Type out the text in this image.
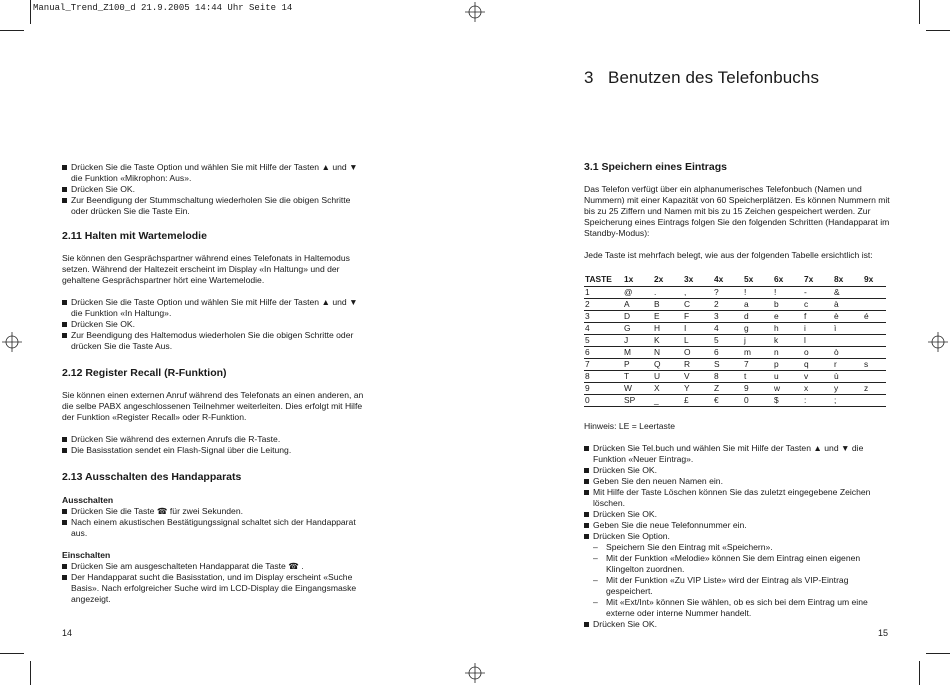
Manual_Trend_Z100_d 21.9.2005 14:44 Uhr Seite 14
3 Benutzen des Telefonbuchs
Drücken Sie die Taste Option und wählen Sie mit Hilfe der Tasten ▲ und ▼ die Funktion «Mikrophon: Aus».
Drücken Sie OK.
Zur Beendigung der Stummschaltung wiederholen Sie die obigen Schritte oder drücken Sie die Taste Ein.
2.11 Halten mit Wartemelodie

Sie können den Gesprächspartner während eines Telefonats in Haltemodus setzen. Während der Haltezeit erscheint im Display «In Haltung» und der gehaltene Gesprächspartner hört eine Wartemelodie.

Drücken Sie die Taste Option und wählen Sie mit Hilfe der Tasten ▲ und ▼ die Funktion «In Haltung».
Drücken Sie OK.
Zur Beendigung des Haltemodus wiederholen Sie die obigen Schritte oder drücken Sie die Taste Aus.
2.12 Register Recall (R-Funktion)

Sie können einen externen Anruf während des Telefonats an einen anderen, an die selbe PABX angeschlossenen Teilnehmer weiterleiten. Dies erfolgt mit Hilfe der Funktion «Register Recall» oder R-Funktion.

Drücken Sie während des externen Anrufs die R-Taste.
Die Basisstation sendet ein Flash-Signal über die Leitung.
2.13 Ausschalten des Handapparats

Ausschalten

Drücken Sie die Taste ☎ für zwei Sekunden.
Nach einem akustischen Bestätigungssignal schaltet sich der Handapparat aus.

Einschalten

Drücken Sie am ausgeschalteten Handapparat die Taste ☎ .
Der Handapparat sucht die Basisstation, und im Display erscheint «Suche Basis». Nach erfolgreicher Suche wird im LCD-Display die Eingangsmaske angezeigt.
14
3.1 Speichern eines Eintrags

Das Telefon verfügt über ein alphanumerisches Telefonbuch (Namen und Nummern) mit einer Kapazität von 60 Speicherplätzen. Es können Nummern mit bis zu 25 Ziffern und Namen mit bis zu 15 Zeichen gespeichert werden. Zur Speicherung eines Eintrags folgen Sie den folgenden Schritten (Handapparat im Standby-Modus):

Jede Taste ist mehrfach belegt, wie aus der folgenden Tabelle ersichtlich ist:

TASTE	1x	2x	3x	4x	5x	6x	7x	8x	9x
1	@	.	,	?	!	!	-	&	
2	A	B	C	2	a	b	c	à	
3	D	E	F	3	d	e	f	è	é
4	G	H	I	4	g	h	i	ì	
5	J	K	L	5	j	k	l		
6	M	N	O	6	m	n	o	ò	
7	P	Q	R	S	7	p	q	r	s
8	T	U	V	8	t	u	v	ù	
9	W	X	Y	Z	9	w	x	y	z
0	SP	_	£	€	0	$	:	;	

Hinweis: LE = Leertaste

Drücken Sie Tel.buch und wählen Sie mit Hilfe der Tasten ▲ und ▼ die Funktion «Neuer Eintrag».
Drücken Sie OK.
Geben Sie den neuen Namen ein.
Mit Hilfe der Taste Löschen können Sie das zuletzt eingegebene Zeichen löschen.
Drücken Sie OK.
Geben Sie die neue Telefonnummer ein.
Drücken Sie Option.
– Speichern Sie den Eintrag mit «Speichern».
– Mit der Funktion «Melodie» können Sie dem Eintrag einen eigenen Klingelton zuordnen.
– Mit der Funktion «Zu VIP Liste» wird der Eintrag als VIP-Eintrag gespeichert.
– Mit «Ext/Int» können Sie wählen, ob es sich bei dem Eintrag um eine externe oder interne Nummer handelt.
Drücken Sie OK.
15
